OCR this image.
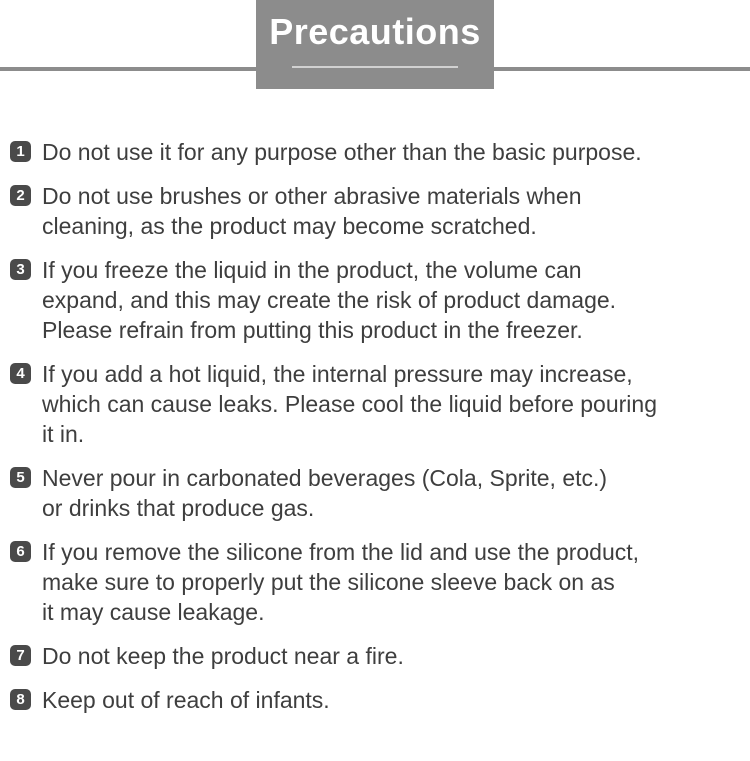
Precautions
1 Do not use it for any purpose other than the basic purpose.
2 Do not use brushes or other abrasive materials when
cleaning, as the product may become scratched.
3 If you freeze the liquid in the product, the volume can
expand, and this may create the risk of product damage.
Please refrain from putting this product in the freezer.
4 If you add a hot liquid, the internal pressure may increase,
which can cause leaks. Please cool the liquid before pouring
it in.
5 Never pour in carbonated beverages (Cola, Sprite, etc.)
or drinks that produce gas.
6 If you remove the silicone from the lid and use the product,
make sure to properly put the silicone sleeve back on as
it may cause leakage.
7 Do not keep the product near a fire.
8 Keep out of reach of infants.
